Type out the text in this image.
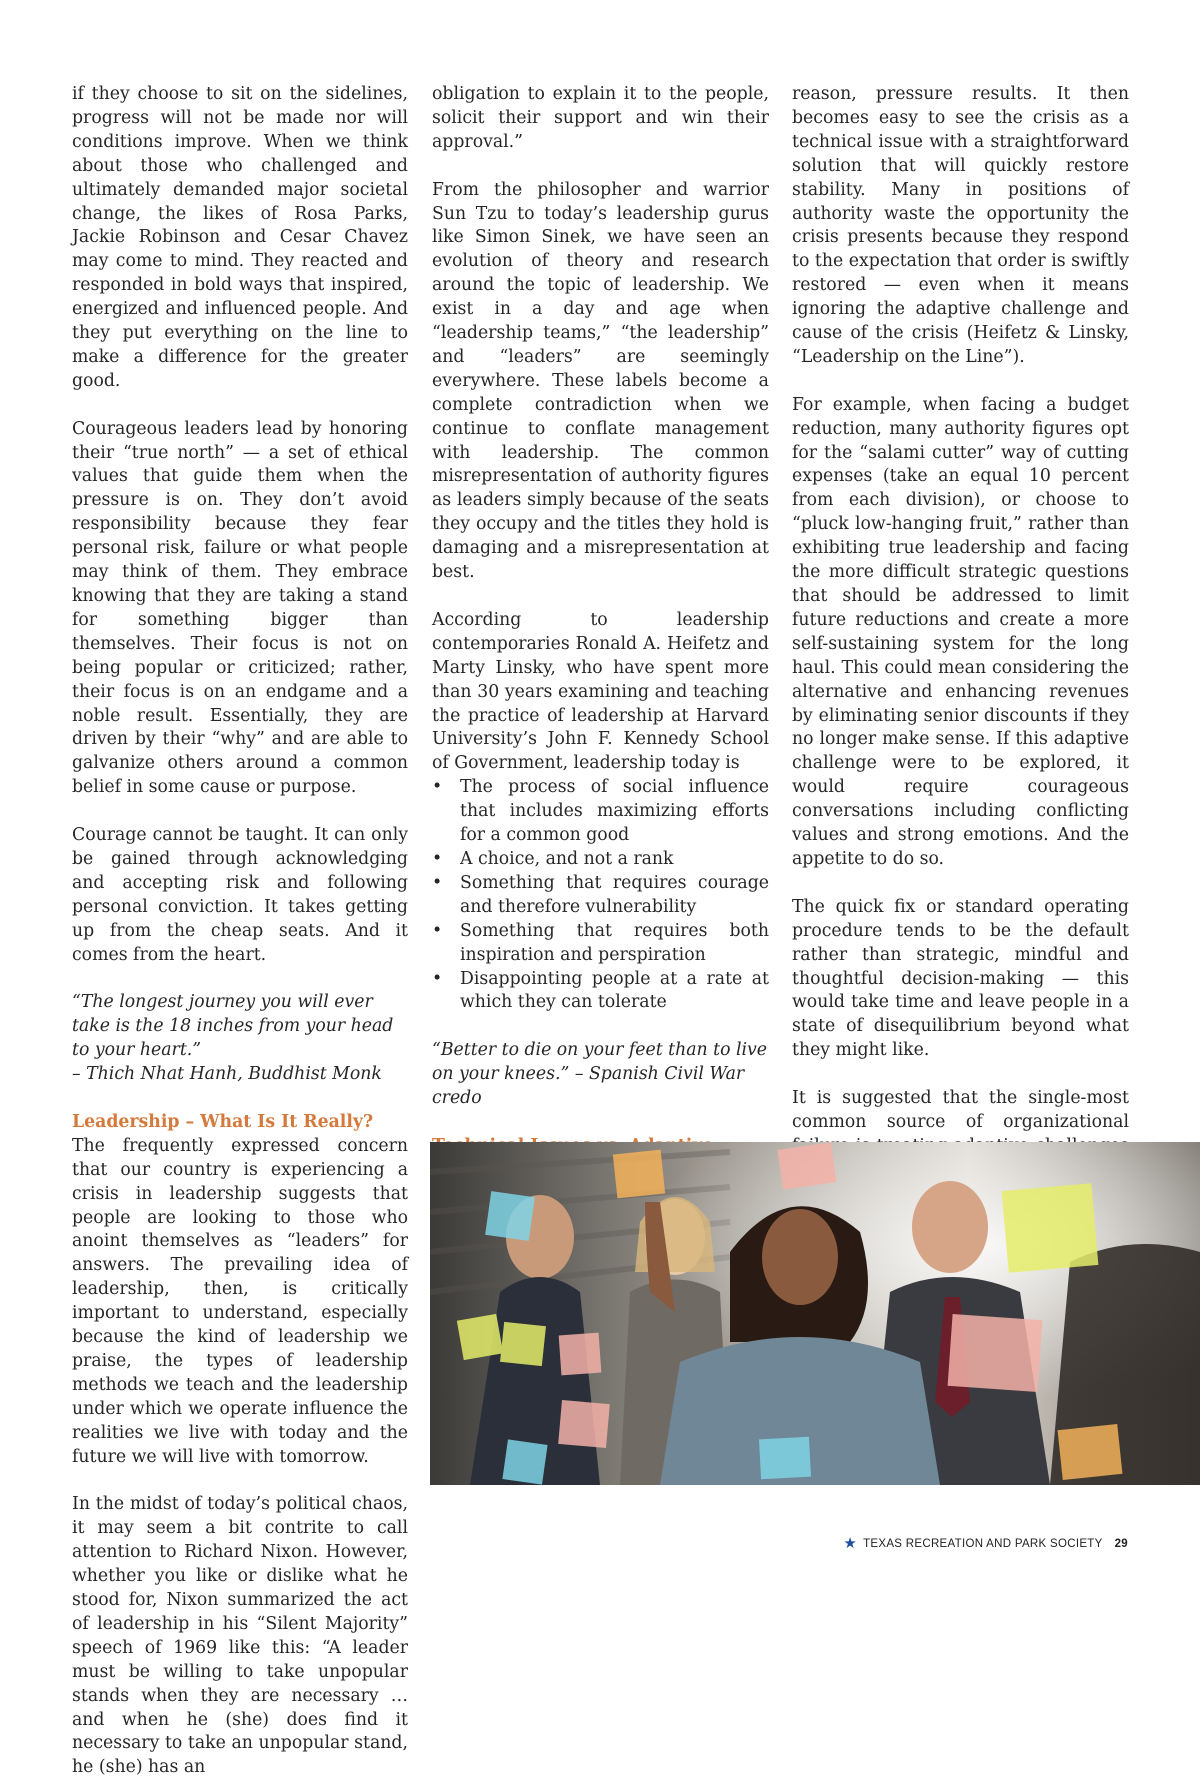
if they choose to sit on the sidelines, progress will not be made nor will conditions improve. When we think about those who challenged and ultimately demanded major societal change, the likes of Rosa Parks, Jackie Robinson and Cesar Chavez may come to mind. They reacted and responded in bold ways that inspired, energized and influenced people. And they put everything on the line to make a difference for the greater good.

Courageous leaders lead by honoring their “true north” — a set of ethical values that guide them when the pressure is on. They don’t avoid responsibility because they fear personal risk, failure or what people may think of them. They embrace knowing that they are taking a stand for something bigger than themselves. Their focus is not on being popular or criticized; rather, their focus is on an endgame and a noble result. Essentially, they are driven by their “why” and are able to galvanize others around a common belief in some cause or purpose.

Courage cannot be taught. It can only be gained through acknowledging and accepting risk and following personal conviction. It takes getting up from the cheap seats. And it comes from the heart.

“The longest journey you will ever take is the 18 inches from your head to your heart.”
– Thich Nhat Hanh, Buddhist Monk
Leadership – What Is It Really?

The frequently expressed concern that our country is experiencing a crisis in leadership suggests that people are looking to those who anoint themselves as “leaders” for answers. The prevailing idea of leadership, then, is critically important to understand, especially because the kind of leadership we praise, the types of leadership methods we teach and the leadership under which we operate influence the realities we live with today and the future we will live with tomorrow.

In the midst of today’s political chaos, it may seem a bit contrite to call attention to Richard Nixon. However, whether you like or dislike what he stood for, Nixon summarized the act of leadership in his “Silent Majority” speech of 1969 like this: “A leader must be willing to take unpopular stands when they are necessary … and when he (she) does find it necessary to take an unpopular stand, he (she) has an

obligation to explain it to the people, solicit their support and win their approval.”

From the philosopher and warrior Sun Tzu to today’s leadership gurus like Simon Sinek, we have seen an evolution of theory and research around the topic of leadership. We exist in a day and age when “leadership teams,” “the leadership” and “leaders” are seemingly everywhere. These labels become a complete contradiction when we continue to conflate management with leadership. The common misrepresentation of authority figures as leaders simply because of the seats they occupy and the titles they hold is damaging and a misrepresentation at best.

According to leadership contemporaries Ronald A. Heifetz and Marty Linsky, who have spent more than 30 years examining and teaching the practice of leadership at Harvard University’s John F. Kennedy School of Government, leadership today is

• The process of social influence that includes maximizing efforts for a common good
• A choice, and not a rank
• Something that requires courage and therefore vulnerability
• Something that requires both inspiration and perspiration
• Disappointing people at a rate at which they can tolerate
“Better to die on your feet than to live on your knees.” – Spanish Civil War credo

reason, pressure results. It then becomes easy to see the crisis as a technical issue with a straightforward solution that will quickly restore stability. Many in positions of authority waste the opportunity the crisis presents because they respond to the expectation that order is swiftly restored — even when it means ignoring the adaptive challenge and cause of the crisis (Heifetz & Linsky, “Leadership on the Line”).

For example, when facing a budget reduction, many authority figures opt for the “salami cutter” way of cutting expenses (take an equal 10 percent from each division), or choose to “pluck low-hanging fruit,” rather than exhibiting true leadership and facing the more difficult strategic questions that should be addressed to limit future reductions and create a more self-sustaining system for the long haul. This could mean considering the alternative and enhancing revenues by eliminating senior discounts if they no longer make sense. If this adaptive challenge were to be explored, it would require courageous conversations including conflicting values and strong emotions. And the appetite to do so.

The quick fix or standard operating procedure tends to be the default rather than strategic, mindful and thoughtful decision-making — this would take time and leave people in a state of disequilibrium beyond what they might like.

It is suggested that the single-most common source of organizational

★ TEXAS RECREATION AND PARK SOCIETY 29
